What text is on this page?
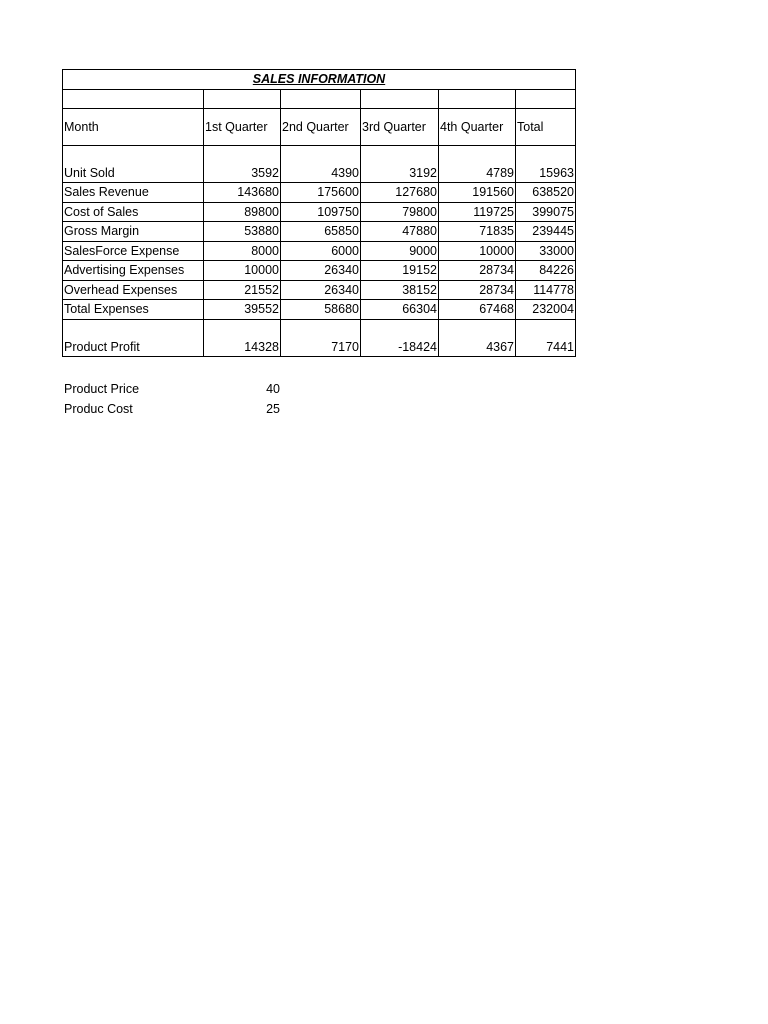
SALES INFORMATION					

Month	1st Quarter	2nd Quarter	3rd Quarter	4th Quarter	Total
Unit Sold	3592	4390	3192	4789	15963
Sales Revenue	143680	175600	127680	191560	638520
Cost of Sales	89800	109750	79800	119725	399075
Gross Margin	53880	65850	47880	71835	239445
SalesForce Expense	8000	6000	9000	10000	33000
Advertising Expenses	10000	26340	19152	28734	84226
Overhead Expenses	21552	26340	38152	28734	114778
Total Expenses	39552	58680	66304	67468	232004
Product Profit	14328	7170	-18424	4367	7441
Product Price	40
Produc Cost	25
